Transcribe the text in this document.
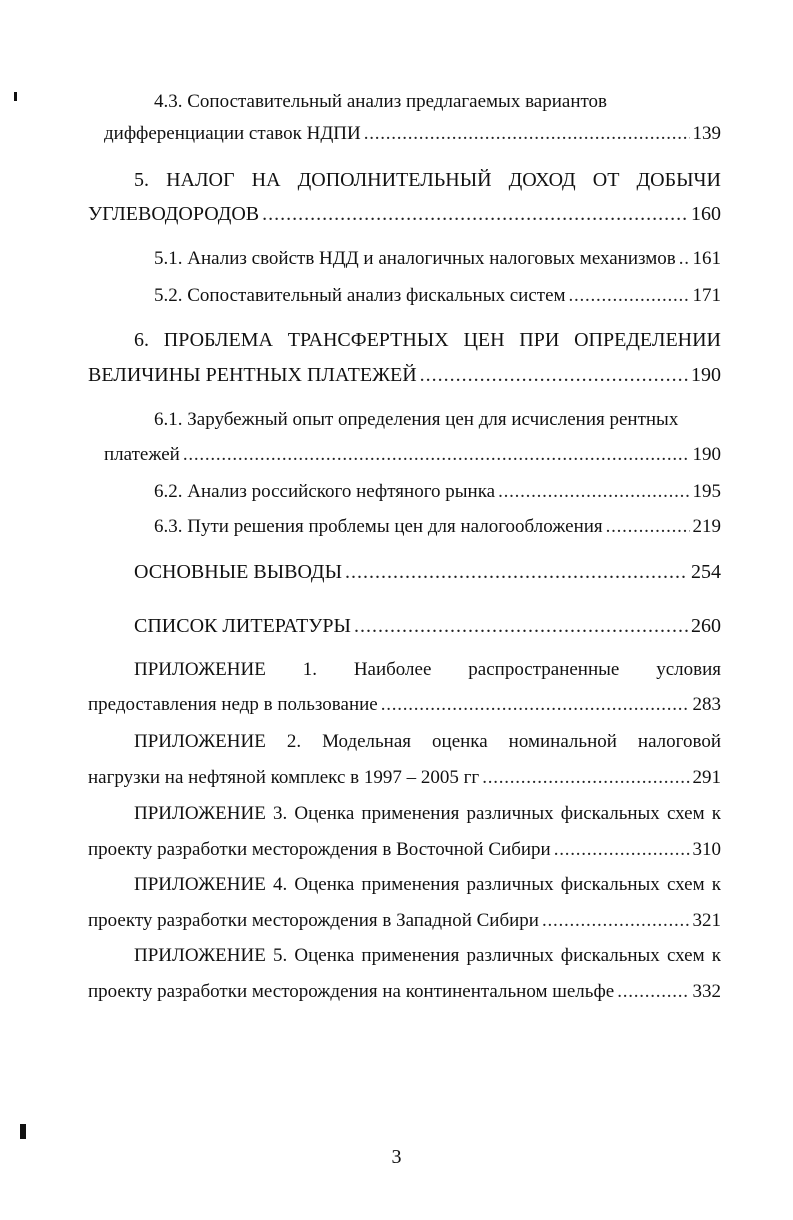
4.3. Сопоставительный анализ предлагаемых вариантов
дифференциации ставок НДПИ . . .	139
5. НАЛОГ НА ДОПОЛНИТЕЛЬНЫЙ ДОХОД ОТ ДОБЫЧИ
УГЛЕВОДОРОДОВ . . .	160
5.1. Анализ свойств НДД и аналогичных налоговых механизмов . . . 161
5.2. Сопоставительный анализ фискальных систем . . .	171
6. ПРОБЛЕМА ТРАНСФЕРТНЫХ ЦЕН ПРИ ОПРЕДЕЛЕНИИ
ВЕЛИЧИНЫ РЕНТНЫХ ПЛАТЕЖЕЙ . . .	190
6.1. Зарубежный опыт определения цен для исчисления рентных
платежей . . .	190
6.2. Анализ российского нефтяного рынка . . .	195
6.3. Пути решения проблемы цен для налогообложения . . .	219
ОСНОВНЫЕ ВЫВОДЫ . . .	254
СПИСОК ЛИТЕРАТУРЫ . . .	260
ПРИЛОЖЕНИЕ 1. Наиболее распространенные условия
предоставления недр в пользование . . .	283
ПРИЛОЖЕНИЕ 2. Модельная оценка номинальной налоговой
нагрузки на нефтяной комплекс в 1997 – 2005 гг . . .	291
ПРИЛОЖЕНИЕ 3. Оценка применения различных фискальных схем к
проекту разработки месторождения в Восточной Сибири . . .	310
ПРИЛОЖЕНИЕ 4. Оценка применения различных фискальных схем к
проекту разработки месторождения в Западной Сибири . . .	321
ПРИЛОЖЕНИЕ 5. Оценка применения различных фискальных схем к
проекту разработки месторождения на континентальном шельфе . . .	332
3
